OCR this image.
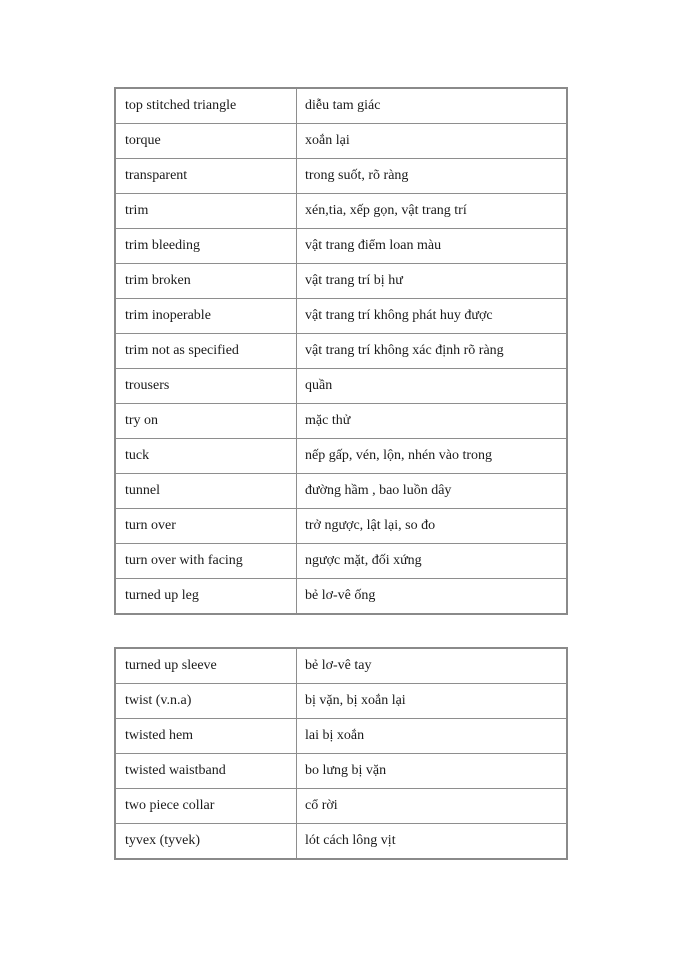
top stitched triangle	diễu tam giác
torque	xoắn lại
transparent	trong suốt, rõ ràng
trim	xén,tia, xếp gọn, vật trang trí
trim bleeding	vật trang điểm loan màu
trim broken	vật trang trí bị hư
trim inoperable	vật trang trí không phát huy được
trim not as specified	vật trang trí không xác định rõ ràng
trousers	quần
try on	mặc thử
tuck	nếp gấp, vén, lộn, nhén vào trong
tunnel	đường hầm , bao luồn dây
turn over	trở ngược, lật lại, so đo
turn over with facing	ngược mặt, đối xứng
turned up leg	bẻ lơ-vê ống
turned up sleeve	bẻ lơ-vê tay
twist (v.n.a)	bị vặn, bị xoắn lại
twisted hem	lai bị xoắn
twisted waistband	bo lưng bị vặn
two piece collar	cổ rời
tyvex (tyvek)	lót cách lông vịt
